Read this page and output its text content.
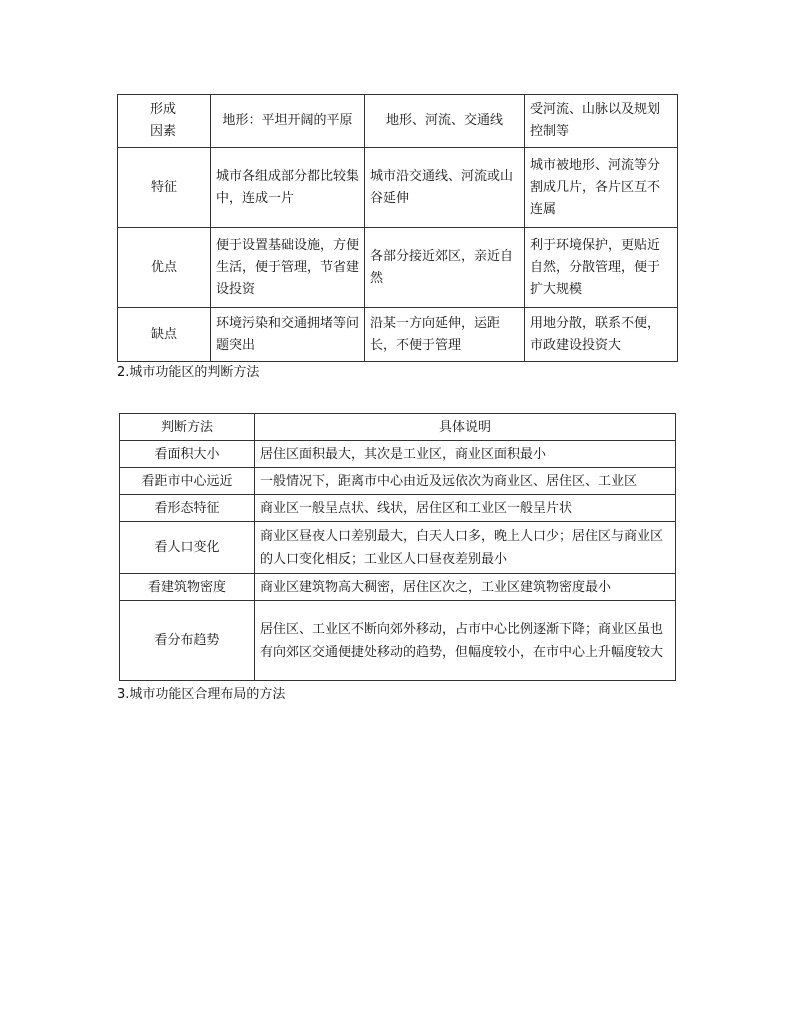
形成
因素	地形：平坦开阔的平原	地形、河流、交通线	受河流、山脉以及规划控制等
特征	城市各组成部分都比较集中，连成一片	城市沿交通线、河流或山谷延伸	城市被地形、河流等分割成几片，各片区互不连属
优点	便于设置基础设施，方便生活，便于管理，节省建设投资	各部分接近郊区，亲近自然	利于环境保护，更贴近自然，分散管理，便于扩大规模
缺点	环境污染和交通拥堵等问题突出	沿某一方向延伸，运距长，不便于管理	用地分散，联系不便，市政建设投资大
2.城市功能区的判断方法
判断方法	具体说明
看面积大小	居住区面积最大，其次是工业区，商业区面积最小
看距市中心远近	一般情况下，距离市中心由近及远依次为商业区、居住区、工业区
看形态特征	商业区一般呈点状、线状，居住区和工业区一般呈片状
看人口变化	商业区昼夜人口差别最大，白天人口多，晚上人口少；居住区与商业区的人口变化相反；工业区人口昼夜差别最小
看建筑物密度	商业区建筑物高大稠密，居住区次之，工业区建筑物密度最小
看分布趋势	居住区、工业区不断向郊外移动，占市中心比例逐渐下降；商业区虽也有向郊区交通便捷处移动的趋势，但幅度较小，在市中心上升幅度较大
3.城市功能区合理布局的方法
